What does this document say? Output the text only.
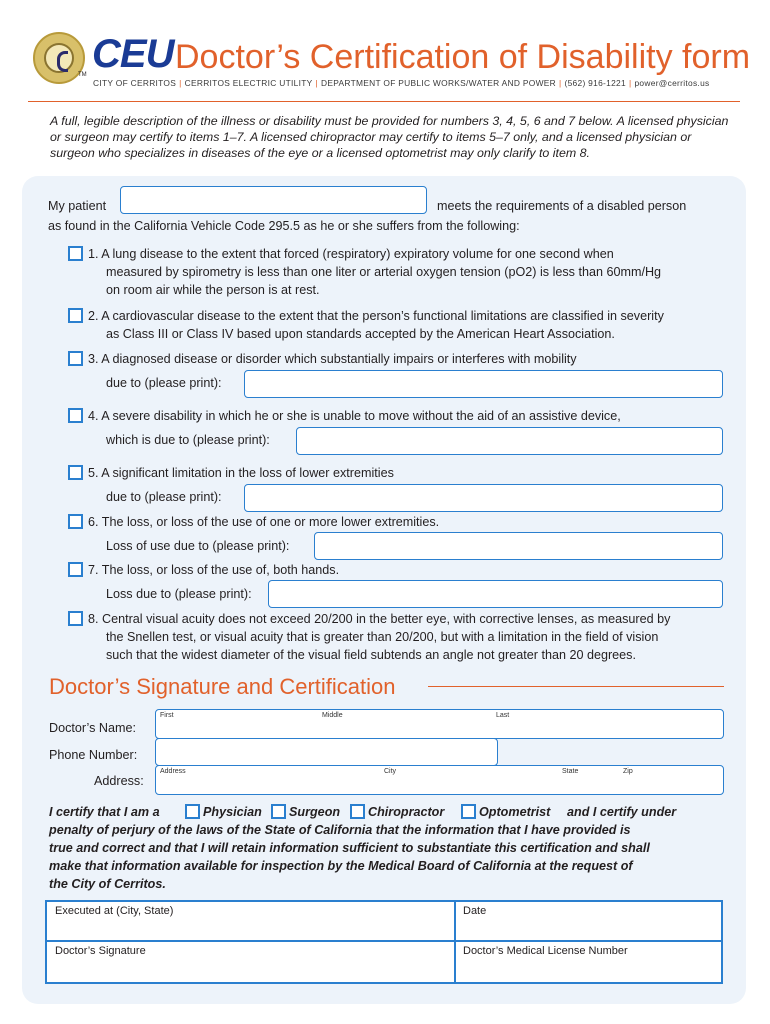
TM CEU Doctor’s Certification of Disability form
CITY OF CERRITOS | CERRITOS ELECTRIC UTILITY | DEPARTMENT OF PUBLIC WORKS/WATER AND POWER | (562) 916-1221 | power@cerritos.us
A full, legible description of the illness or disability must be provided for numbers 3, 4, 5, 6 and 7 below. A licensed physician or surgeon may certify to items 1–7. A licensed chiropractor may certify to items 5–7 only, and a licensed physician or surgeon who specializes in diseases of the eye or a licensed optometrist may only clarify to item 8.
My patient	meets the requirements of a disabled person
as found in the California Vehicle Code 295.5 as he or she suffers from the following:
1. A lung disease to the extent that forced (respiratory) expiratory volume for one second when
measured by spirometry is less than one liter or arterial oxygen tension (pO2) is less than 60mm/Hg
on room air while the person is at rest.
2. A cardiovascular disease to the extent that the person’s functional limitations are classified in severity
as Class III or Class IV based upon standards accepted by the American Heart Association.
3. A diagnosed disease or disorder which substantially impairs or interferes with mobility
due to (please print):
4. A severe disability in which he or she is unable to move without the aid of an assistive device,
which is due to (please print):
5. A significant limitation in the loss of lower extremities
due to (please print):
6. The loss, or loss of the use of one or more lower extremities.
Loss of use due to (please print):
7. The loss, or loss of the use of, both hands.
Loss due to (please print):
8. Central visual acuity does not exceed 20/200 in the better eye, with corrective lenses, as measured by
the Snellen test, or visual acuity that is greater than 20/200, but with a limitation in the field of vision
such that the widest diameter of the visual field subtends an angle not greater than 20 degrees.
Doctor’s Signature and Certification
Doctor’s Name:
First	Middle	Last
Phone Number:
Address:
Address	City	State	Zip
I certify that I am a	Physician Surgeon Chiropractor	Optometrist and I certify under
penalty of perjury of the laws of the State of California that the information that I have provided is
true and correct and that I will retain information sufficient to substantiate this certification and shall
make that information available for inspection by the Medical Board of California at the request of
the City of Cerritos.
Executed at (City, State)	Date
Doctor’s Signature	Doctor’s Medical License Number
